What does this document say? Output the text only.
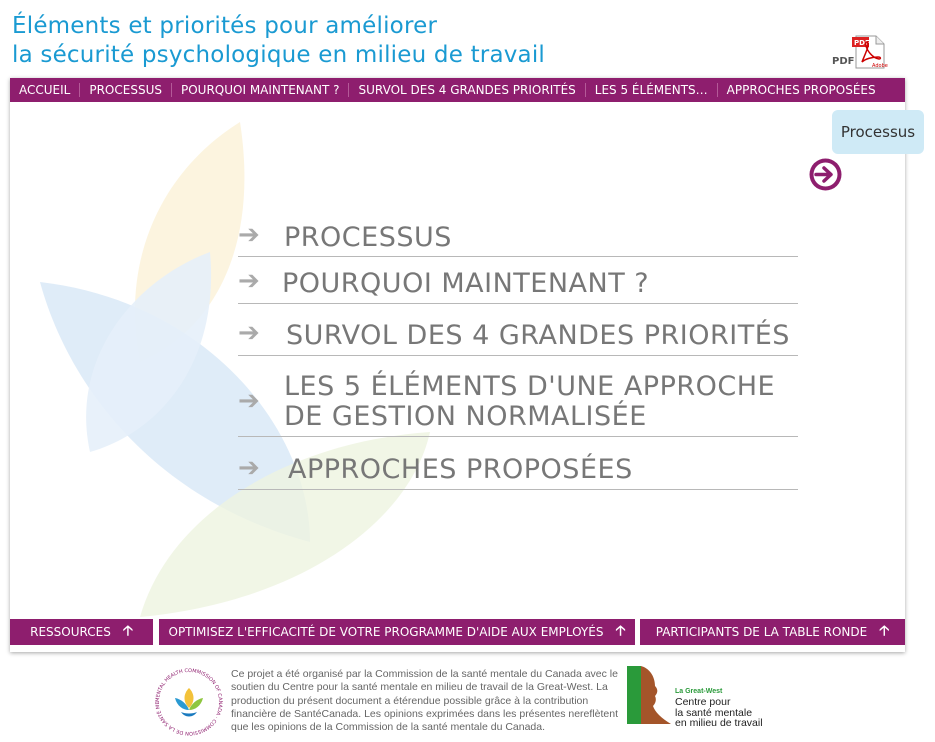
Éléments et priorités pour améliorer
la sécurité psychologique en milieu de travail	PDF
PDF
Adobe
ACCUEIL	PROCESSUS	POURQUOI MAINTENANT ?	SURVOL DES 4 GRANDES PRIORITÉS	LES 5 ÉLÉMENTS…	APPROCHES PROPOSÉES
Processus
➔ PROCESSUS
➔ POURQUOI MAINTENANT ?
➔ SURVOL DES 4 GRANDES PRIORITÉS
➔ LES 5 ÉLÉMENTS D'UNE APPROCHE
DE GESTION NORMALISÉE
➔ APPROCHES PROPOSÉES
RESSOURCES 🡡	OPTIMISEZ L'EFFICACITÉ DE VOTRE PROGRAMME D'AIDE AUX EMPLOYÉS 🡡	PARTICIPANTS DE LA TABLE RONDE 🡡
MENTAL HEALTH COMMISSION OF CANADA · COMMISSION DE LA SANTÉ ME
Ce projet a été organisé par la Commission de la santé mentale du Canada avec le soutien du Centre pour la santé mentale en milieu de travail de la Great-West. La production du présent document a étérendue possible grâce à la contribution financière de SantéCanada. Les opinions exprimées dans les présentes nereflètent que les opinions de la Commission de la santé mentale du Canada.
La Great-West
Centre pour
la santé mentale
en milieu de travail
